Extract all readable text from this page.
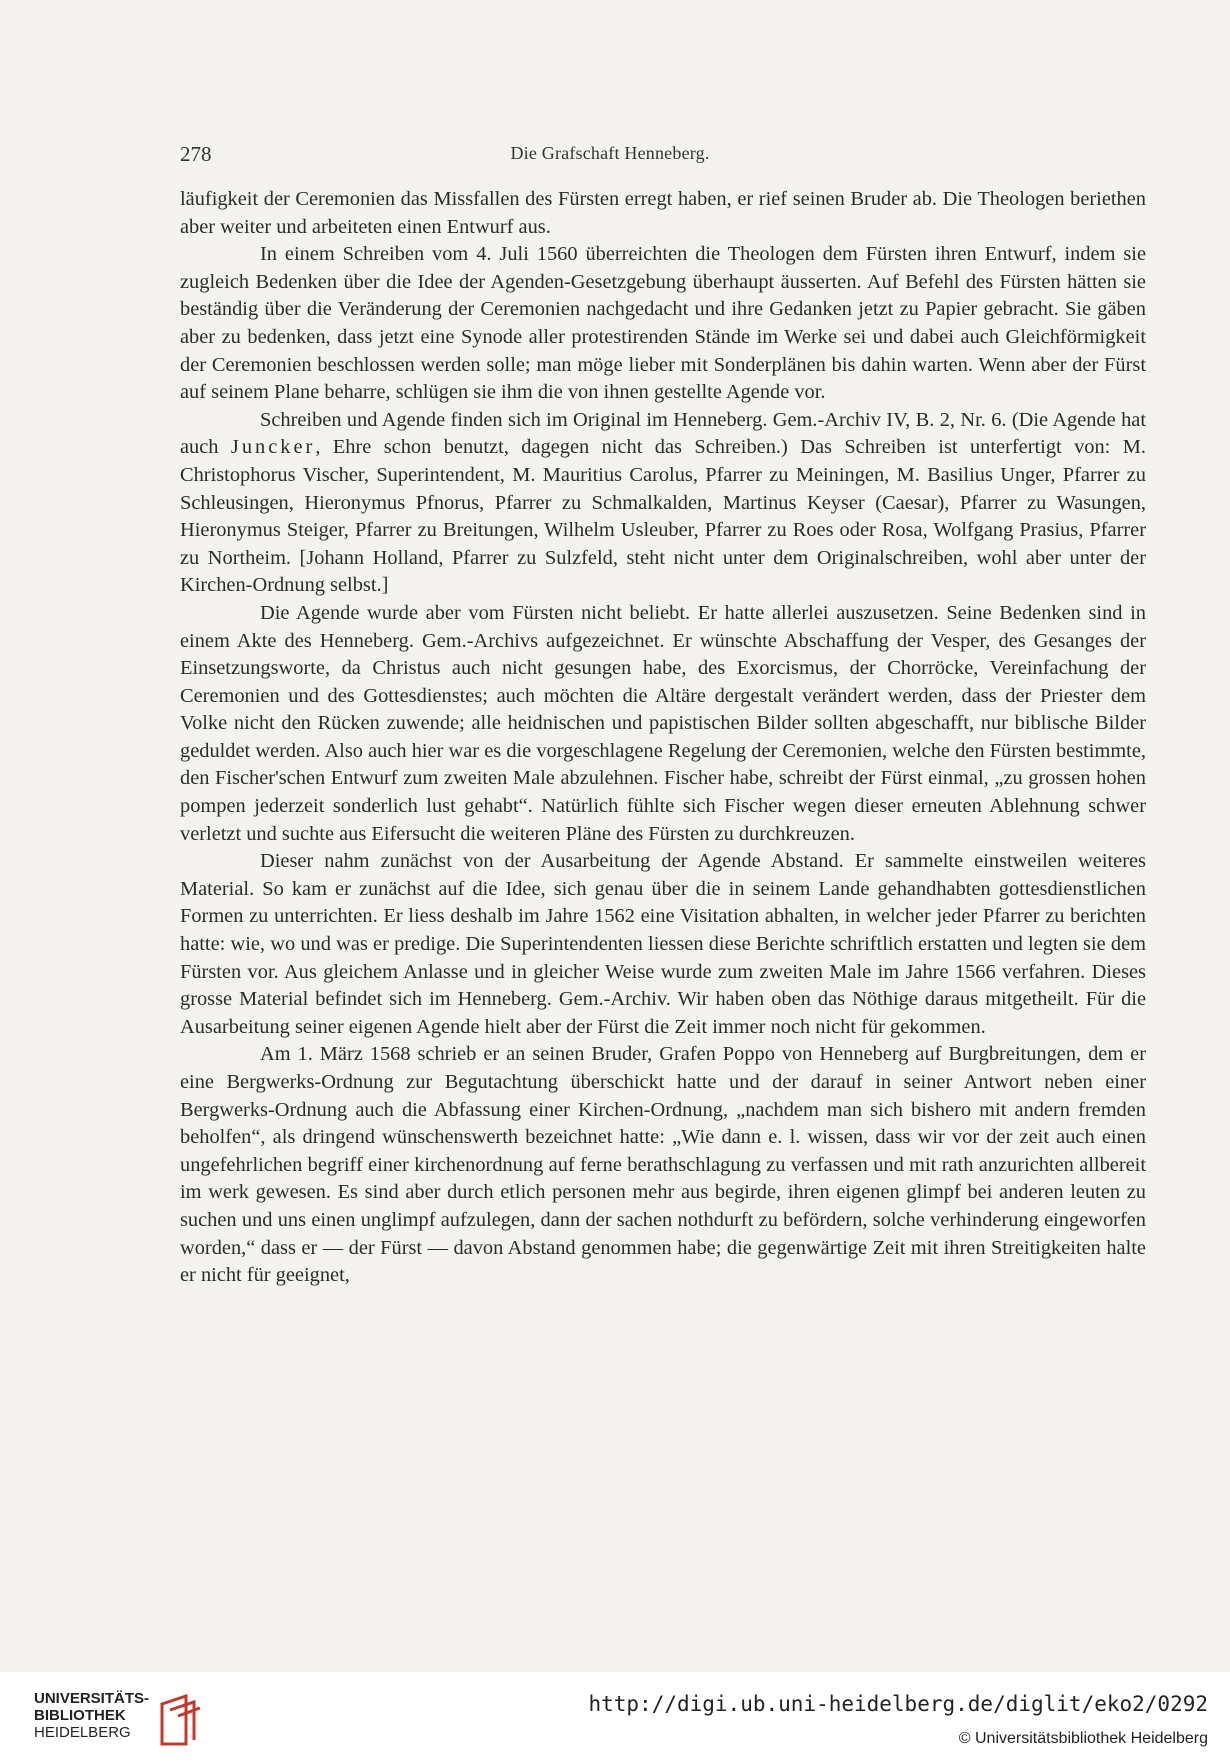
278	Die Grafschaft Henneberg.

läufigkeit der Ceremonien das Missfallen des Fürsten erregt haben, er rief seinen Bruder ab. Die Theologen beriethen aber weiter und arbeiteten einen Entwurf aus.

In einem Schreiben vom 4. Juli 1560 überreichten die Theologen dem Fürsten ihren Entwurf, indem sie zugleich Bedenken über die Idee der Agenden-Gesetzgebung überhaupt äusserten. Auf Befehl des Fürsten hätten sie beständig über die Veränderung der Ceremonien nachgedacht und ihre Gedanken jetzt zu Papier gebracht. Sie gäben aber zu bedenken, dass jetzt eine Synode aller protestirenden Stände im Werke sei und dabei auch Gleichförmigkeit der Ceremonien beschlossen werden solle; man möge lieber mit Sonderplänen bis dahin warten. Wenn aber der Fürst auf seinem Plane beharre, schlügen sie ihm die von ihnen gestellte Agende vor.

Schreiben und Agende finden sich im Original im Henneberg. Gem.-Archiv IV, B. 2, Nr. 6. (Die Agende hat auch Juncker, Ehre schon benutzt, dagegen nicht das Schreiben.) Das Schreiben ist unterfertigt von: M. Christophorus Vischer, Superintendent, M. Mauritius Carolus, Pfarrer zu Meiningen, M. Basilius Unger, Pfarrer zu Schleusingen, Hieronymus Pfnorus, Pfarrer zu Schmalkalden, Martinus Keyser (Caesar), Pfarrer zu Wasungen, Hieronymus Steiger, Pfarrer zu Breitungen, Wilhelm Usleuber, Pfarrer zu Roes oder Rosa, Wolfgang Prasius, Pfarrer zu Northeim. [Johann Holland, Pfarrer zu Sulzfeld, steht nicht unter dem Originalschreiben, wohl aber unter der Kirchen-Ordnung selbst.]

Die Agende wurde aber vom Fürsten nicht beliebt. Er hatte allerlei auszusetzen. Seine Bedenken sind in einem Akte des Henneberg. Gem.-Archivs aufgezeichnet. Er wünschte Abschaffung der Vesper, des Gesanges der Einsetzungsworte, da Christus auch nicht gesungen habe, des Exorcismus, der Chorröcke, Vereinfachung der Ceremonien und des Gottesdienstes; auch möchten die Altäre dergestalt verändert werden, dass der Priester dem Volke nicht den Rücken zuwende; alle heidnischen und papistischen Bilder sollten abgeschafft, nur biblische Bilder geduldet werden. Also auch hier war es die vorgeschlagene Regelung der Ceremonien, welche den Fürsten bestimmte, den Fischer'schen Entwurf zum zweiten Male abzulehnen. Fischer habe, schreibt der Fürst einmal, „zu grossen hohen pompen jederzeit sonderlich lust gehabt“. Natürlich fühlte sich Fischer wegen dieser erneuten Ablehnung schwer verletzt und suchte aus Eifersucht die weiteren Pläne des Fürsten zu durchkreuzen.

Dieser nahm zunächst von der Ausarbeitung der Agende Abstand. Er sammelte einstweilen weiteres Material. So kam er zunächst auf die Idee, sich genau über die in seinem Lande gehandhabten gottesdienstlichen Formen zu unterrichten. Er liess deshalb im Jahre 1562 eine Visitation abhalten, in welcher jeder Pfarrer zu berichten hatte: wie, wo und was er predige. Die Superintendenten liessen diese Berichte schriftlich erstatten und legten sie dem Fürsten vor. Aus gleichem Anlasse und in gleicher Weise wurde zum zweiten Male im Jahre 1566 verfahren. Dieses grosse Material befindet sich im Henneberg. Gem.-Archiv. Wir haben oben das Nöthige daraus mitgetheilt. Für die Ausarbeitung seiner eigenen Agende hielt aber der Fürst die Zeit immer noch nicht für gekommen.

Am 1. März 1568 schrieb er an seinen Bruder, Grafen Poppo von Henneberg auf Burgbreitungen, dem er eine Bergwerks-Ordnung zur Begutachtung überschickt hatte und der darauf in seiner Antwort neben einer Bergwerks-Ordnung auch die Abfassung einer Kirchen-Ordnung, „nachdem man sich bishero mit andern fremden beholfen“, als dringend wünschenswerth bezeichnet hatte: „Wie dann e. l. wissen, dass wir vor der zeit auch einen ungefehrlichen begriff einer kirchenordnung auf ferne berathschlagung zu verfassen und mit rath anzurichten allbereit im werk gewesen. Es sind aber durch etlich personen mehr aus begirde, ihren eigenen glimpf bei anderen leuten zu suchen und uns einen unglimpf aufzulegen, dann der sachen nothdurft zu befördern, solche verhinderung eingeworfen worden,“ dass er — der Fürst — davon Abstand genommen habe; die gegenwärtige Zeit mit ihren Streitigkeiten halte er nicht für geeignet,

UNIVERSITÄTS-
BIBLIOTHEK
HEIDELBERG
http://digi.ub.uni-heidelberg.de/diglit/eko2/0292
© Universitätsbibliothek Heidelberg
